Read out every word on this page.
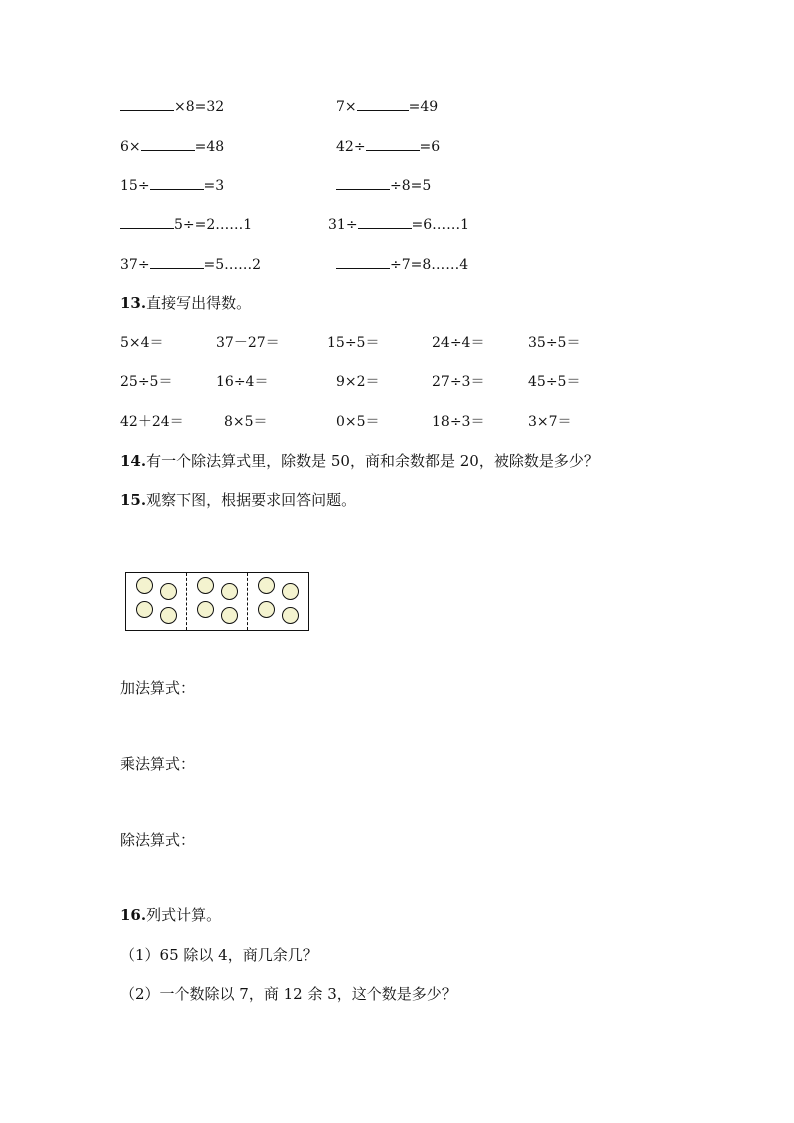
×8=32	7×	=49
6×	=48	42÷	=6
15÷	=3	÷8=5
5÷=2……1	31÷	=6……1
37÷	=5……2	÷7=8……4
13.直接写出得数。
5×4＝	37－27＝	15÷5＝	24÷4＝	35÷5＝
25÷5＝	16÷4＝	9×2＝	27÷3＝	45÷5＝
42＋24＝	8×5＝	0×5＝	18÷3＝	3×7＝
14.有一个除法算式里，除数是 50，商和余数都是 20，被除数是多少？
15.观察下图，根据要求回答问题。
加法算式：
乘法算式：
除法算式：
16.列式计算。
（1）65 除以 4，商几余几？
（2）一个数除以 7，商 12 余 3，这个数是多少？
